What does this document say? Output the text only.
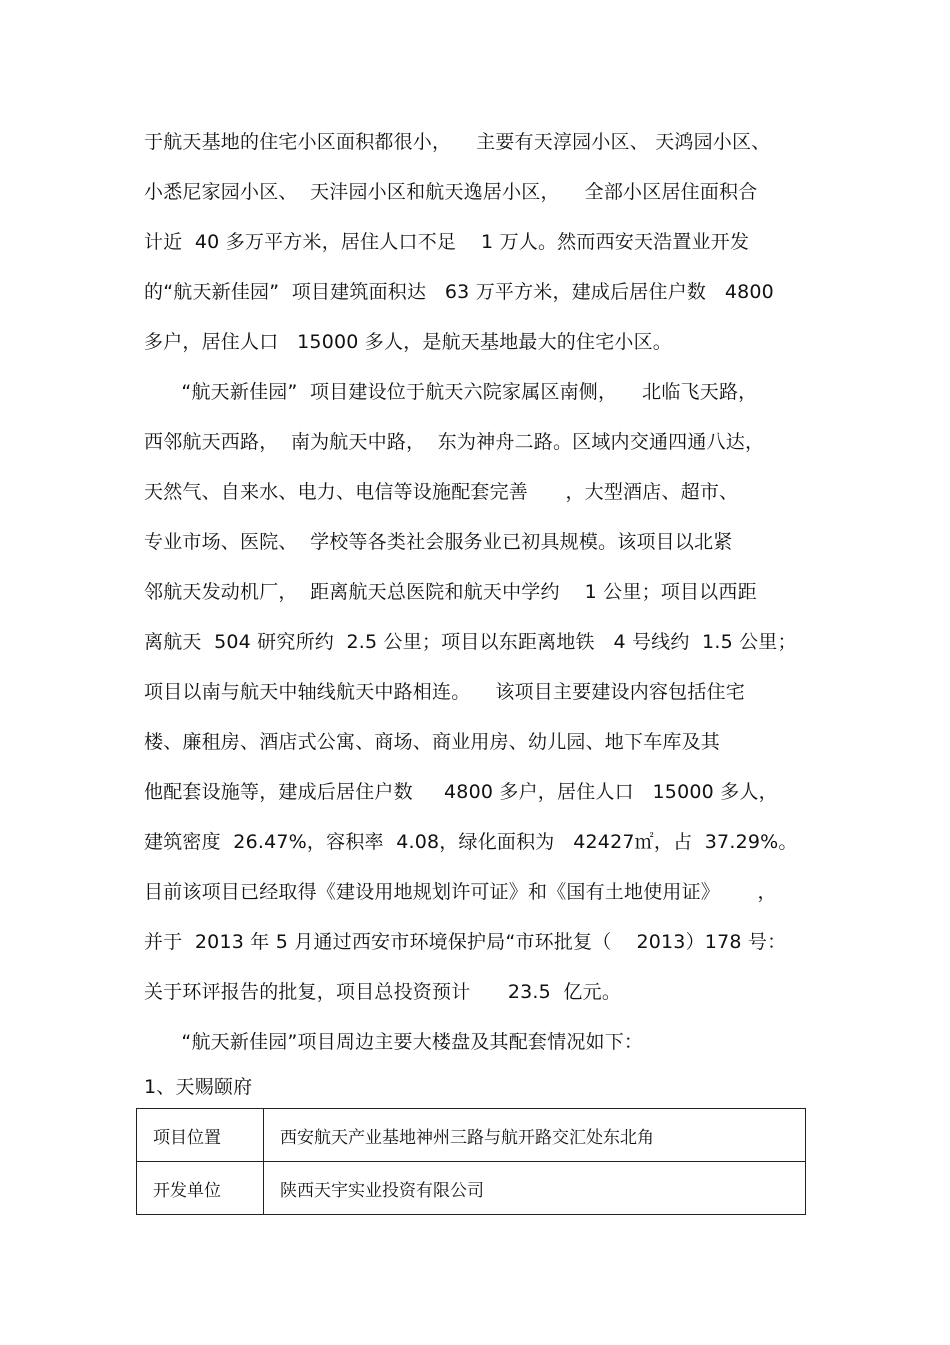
于航天基地的住宅小区面积都很小，    主要有天淳园小区、 天鸿园小区、
小悉尼家园小区、  天沣园小区和航天逸居小区，    全部小区居住面积合
计近  40 多万平方米，居住人口不足    1 万人。然而西安天浩置业开发
的“航天新佳园”  项目建筑面积达   63 万平方米，建成后居住户数   4800
多户，居住人口   15000 多人，是航天基地最大的住宅小区。
“航天新佳园”  项目建设位于航天六院家属区南侧，    北临飞天路，
西邻航天西路，  南为航天中路，  东为神舟二路。区域内交通四通八达，
天然气、自来水、电力、电信等设施配套完善      ，大型酒店、超市、
专业市场、医院、  学校等各类社会服务业已初具规模。该项目以北紧
邻航天发动机厂，  距离航天总医院和航天中学约    1 公里；项目以西距
离航天  504 研究所约  2.5 公里；项目以东距离地铁   4 号线约  1.5 公里；
项目以南与航天中轴线航天中路相连。    该项目主要建设内容包括住宅
楼、廉租房、酒店式公寓、商场、商业用房、幼儿园、地下车库及其
他配套设施等，建成后居住户数     4800 多户，居住人口   15000 多人，
建筑密度  26.47%，容积率  4.08，绿化面积为   42427㎡，占  37.29%。
目前该项目已经取得《建设用地规划许可证》和《国有土地使用证》      ，
并于  2013 年 5 月通过西安市环境保护局“市环批复（    2013）178 号：
关于环评报告的批复，项目总投资预计      23.5  亿元。
“航天新佳园”项目周边主要大楼盘及其配套情况如下：
1、天赐颐府
项目位置	西安航天产业基地神州三路与航开路交汇处东北角
开发单位	陕西天宇实业投资有限公司
